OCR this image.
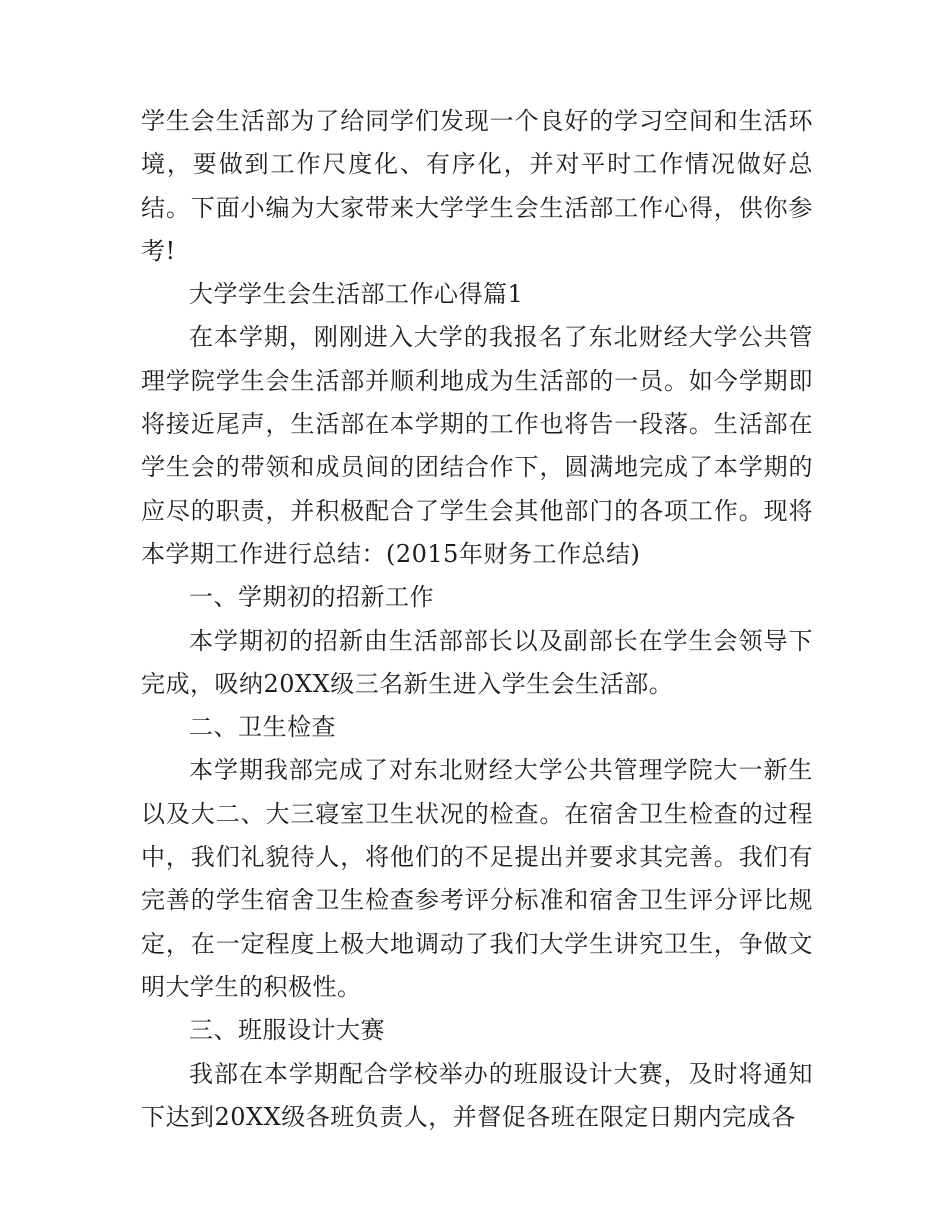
学生会生活部为了给同学们发现一个良好的学习空间和生活环境，要做到工作尺度化、有序化，并对平时工作情况做好总结。下面小编为大家带来大学学生会生活部工作心得，供你参考!

大学学生会生活部工作心得篇1

在本学期，刚刚进入大学的我报名了东北财经大学公共管理学院学生会生活部并顺利地成为生活部的一员。如今学期即将接近尾声，生活部在本学期的工作也将告一段落。生活部在学生会的带领和成员间的团结合作下，圆满地完成了本学期的应尽的职责，并积极配合了学生会其他部门的各项工作。现将本学期工作进行总结：(2015年财务工作总结)

一、学期初的招新工作

本学期初的招新由生活部部长以及副部长在学生会领导下完成，吸纳20XX级三名新生进入学生会生活部。

二、卫生检查

本学期我部完成了对东北财经大学公共管理学院大一新生以及大二、大三寝室卫生状况的检查。在宿舍卫生检查的过程中，我们礼貌待人，将他们的不足提出并要求其完善。我们有完善的学生宿舍卫生检查参考评分标准和宿舍卫生评分评比规定，在一定程度上极大地调动了我们大学生讲究卫生，争做文明大学生的积极性。

三、班服设计大赛

我部在本学期配合学校举办的班服设计大赛，及时将通知下达到20XX级各班负责人，并督促各班在限定日期内完成各
